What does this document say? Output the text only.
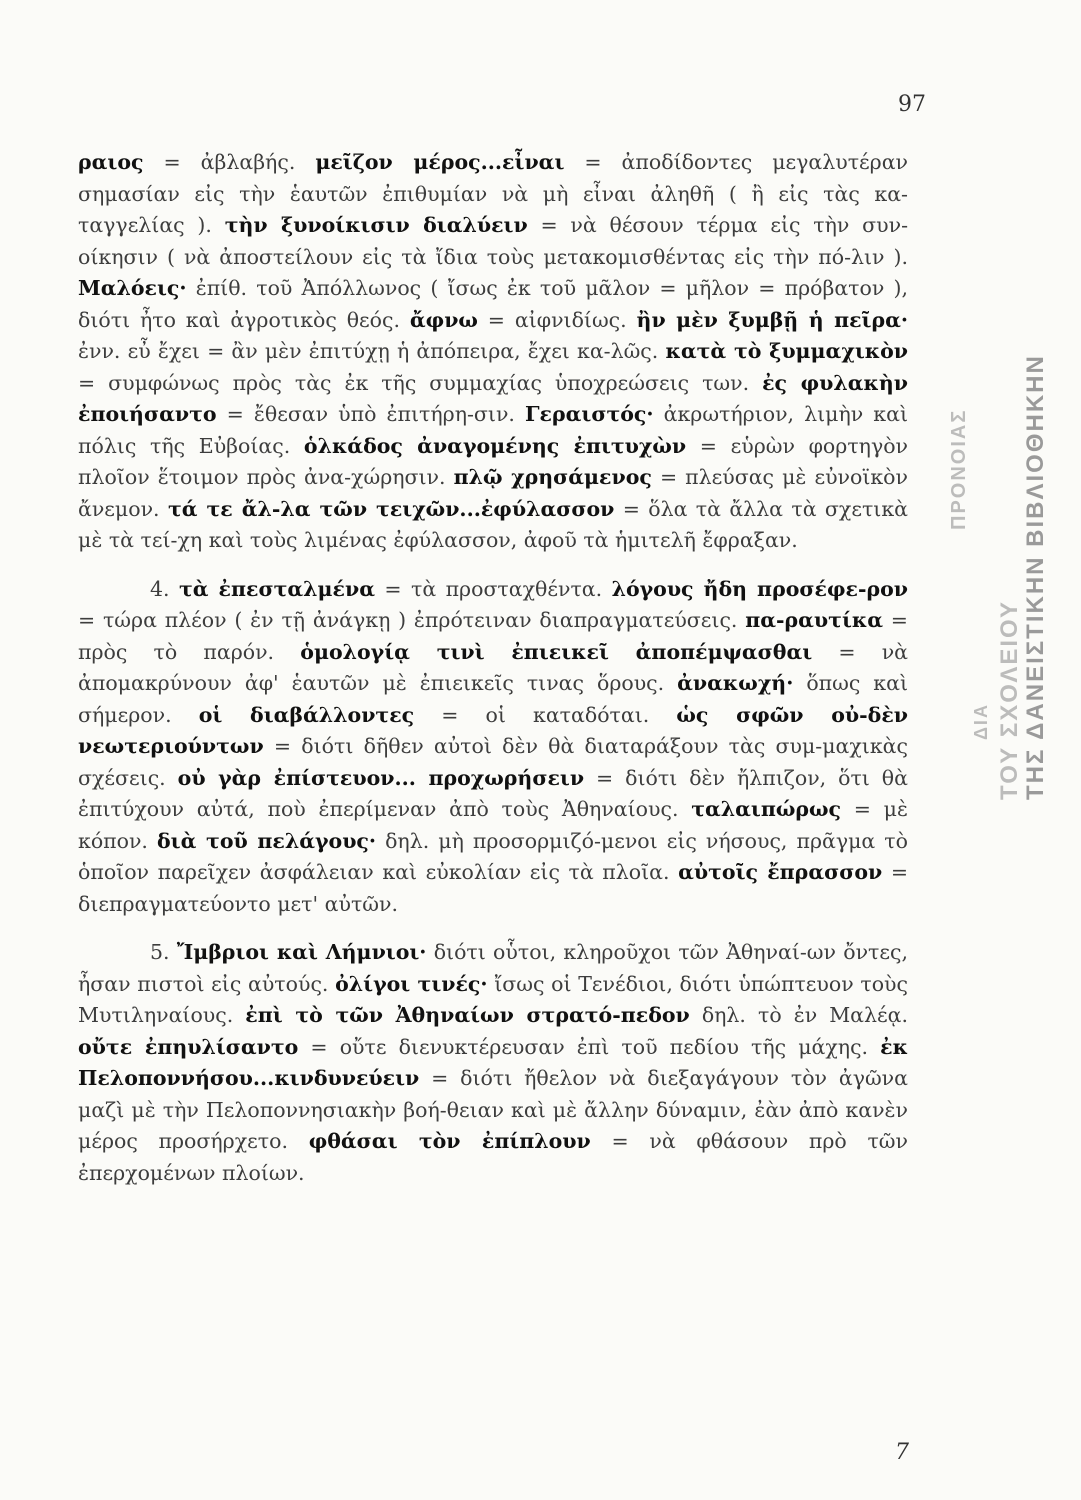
97

ραιος = ἀβλαβής. μεῖζον μέρος...εἶναι = ἀποδίδοντες μεγαλυτέραν σημασίαν εἰς τὴν ἑαυτῶν ἐπιθυμίαν νὰ μὴ εἶναι ἀληθῆ ( ἢ εἰς τὰς κα-ταγγελίας ). τὴν ξυνοίκισιν διαλύειν = νὰ θέσουν τέρμα εἰς τὴν συν-οίκησιν ( νὰ ἀποστείλουν εἰς τὰ ἴδια τοὺς μετακομισθέντας εἰς τὴν πό-λιν ). Μαλόεις· ἐπίθ. τοῦ Ἀπόλλωνος ( ἴσως ἐκ τοῦ μᾶλον = μῆλον = πρόβατον ), διότι ἦτο καὶ ἀγροτικὸς θεός. ἄφνω = αἰφνιδίως. ἢν μὲν ξυμβῇ ἡ πεῖρα· ἐνν. εὖ ἔχει = ἂν μὲν ἐπιτύχῃ ἡ ἀπόπειρα, ἔχει κα-λῶς. κατὰ τὸ ξυμμαχικὸν = συμφώνως πρὸς τὰς ἐκ τῆς συμμαχίας ὑποχρεώσεις των. ἐς φυλακὴν ἐποιήσαντο = ἔθεσαν ὑπὸ ἐπιτήρη-σιν. Γεραιστός· ἀκρωτήριον, λιμὴν καὶ πόλις τῆς Εὐβοίας. ὁλκάδος ἀναγομένης ἐπιτυχὼν = εὑρὼν φορτηγὸν πλοῖον ἕτοιμον πρὸς ἀνα-χώρησιν. πλῷ χρησάμενος = πλεύσας μὲ εὐνοϊκὸν ἄνεμον. τά τε ἄλ-λα τῶν τειχῶν...ἐφύλασσον = ὅλα τὰ ἄλλα τὰ σχετικὰ μὲ τὰ τεί-χη καὶ τοὺς λιμένας ἐφύλασσον, ἀφοῦ τὰ ἡμιτελῆ ἔφραξαν.

4. τὰ ἐπεσταλμένα = τὰ προσταχθέντα. λόγους ἤδη προσέφε-ρον = τώρα πλέον ( ἐν τῇ ἀνάγκῃ ) ἐπρότειναν διαπραγματεύσεις. πα-ραυτίκα = πρὸς τὸ παρόν. ὁμολογίᾳ τινὶ ἐπιεικεῖ ἀποπέμψασθαι = νὰ ἀπομακρύνουν ἀφ' ἑαυτῶν μὲ ἐπιεικεῖς τινας ὅρους. ἀνακωχή· ὅπως καὶ σήμερον. οἱ διαβάλλοντες = οἱ καταδόται. ὡς σφῶν οὐ-δὲν νεωτεριούντων = διότι δῆθεν αὐτοὶ δὲν θὰ διαταράξουν τὰς συμ-μαχικὰς σχέσεις. οὐ γὰρ ἐπίστευον... προχωρήσειν = διότι δὲν ἤλπιζον, ὅτι θὰ ἐπιτύχουν αὐτά, ποὺ ἐπερίμεναν ἀπὸ τοὺς Ἀθηναίους. ταλαιπώρως = μὲ κόπον. διὰ τοῦ πελάγους· δηλ. μὴ προσορμιζό-μενοι εἰς νήσους, πρᾶγμα τὸ ὁποῖον παρεῖχεν ἀσφάλειαν καὶ εὐκολίαν εἰς τὰ πλοῖα. αὐτοῖς ἔπρασσον = διεπραγματεύοντο μετ' αὐτῶν.

5. Ἴμβριοι καὶ Λήμνιοι· διότι οὗτοι, κληροῦχοι τῶν Ἀθηναί-ων ὄντες, ἦσαν πιστοὶ εἰς αὐτούς. ὀλίγοι τινές· ἴσως οἱ Τενέδιοι, διότι ὑπώπτευον τοὺς Μυτιληναίους. ἐπὶ τὸ τῶν Ἀθηναίων στρατό-πεδον δηλ. τὸ ἐν Μαλέᾳ. οὔτε ἐπηυλίσαντο = οὔτε διενυκτέρευσαν ἐπὶ τοῦ πεδίου τῆς μάχης. ἐκ Πελοποννήσου...κινδυνεύειν = διότι ἤθελον νὰ διεξαγάγουν τὸν ἀγῶνα μαζὶ μὲ τὴν Πελοποννησιακὴν βοή-θειαν καὶ μὲ ἄλλην δύναμιν, ἐὰν ἀπὸ κανὲν μέρος προσήρχετο. φθάσαι τὸν ἐπίπλουν = νὰ φθάσουν πρὸ τῶν ἐπερχομένων πλοίων.

7
ΤΗΣ ΔΑΝΕΙΣΤΙΚΗΝ ΒΙΒΛΙΟΘΗΚΗΝ
ΤΟΥ ΣΧΟΛΕΙΟΥ
ΔΙΑ
ΠΡΟΝΟΙΑΣ
